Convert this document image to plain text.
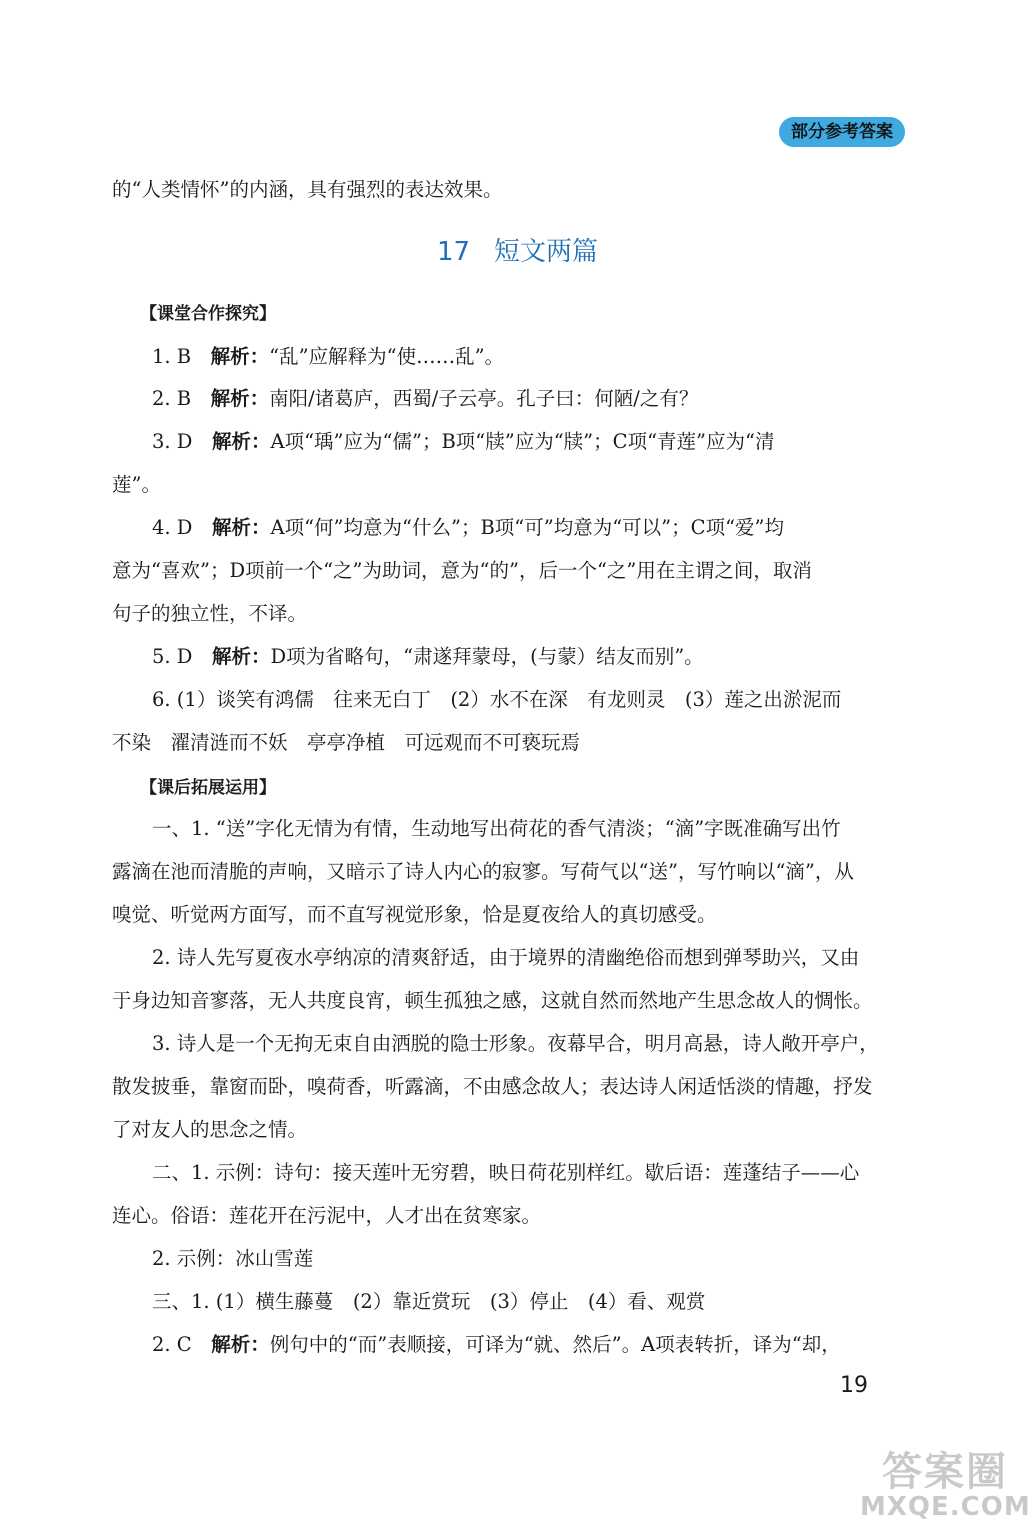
部分参考答案
的“人类情怀”的内涵，具有强烈的表达效果。
17 短文两篇
【课堂合作探究】
1. B　 解析：“乱”应解释为“使……乱”。
2. B　 解析：南阳/诸葛庐，西蜀/子云亭。孔子曰：何陋/之有？
3. D　 解析：A项“瑀”应为“儒”；B项“牍”应为“牍”；C项“青莲”应为“清
莲”。
4. D　 解析：A项“何”均意为“什么”；B项“可”均意为“可以”；C项“爱”均
意为“喜欢”；D项前一个“之”为助词，意为“的”，后一个“之”用在主谓之间，取消
句子的独立性，不译。
5. D　 解析：D项为省略句，“肃遂拜蒙母，(与蒙）结友而别”。
6. (1）谈笑有鸿儒　往来无白丁　(2）水不在深　有龙则灵　(3）莲之出淤泥而
不染　濯清涟而不妖　亭亭净植　可远观而不可亵玩焉
【课后拓展运用】
一、1. “送”字化无情为有情，生动地写出荷花的香气清淡；“滴”字既准确写出竹
露滴在池而清脆的声响，又暗示了诗人内心的寂寥。写荷气以“送”，写竹响以“滴”，从
嗅觉、听觉两方面写，而不直写视觉形象，恰是夏夜给人的真切感受。
2. 诗人先写夏夜水亭纳凉的清爽舒适，由于境界的清幽绝俗而想到弹琴助兴，又由
于身边知音寥落，无人共度良宵，顿生孤独之感，这就自然而然地产生思念故人的惆怅。
3. 诗人是一个无拘无束自由洒脱的隐士形象。夜幕早合，明月高悬，诗人敞开亭户，
散发披垂，靠窗而卧，嗅荷香，听露滴，不由感念故人；表达诗人闲适恬淡的情趣，抒发
了对友人的思念之情。
二、1. 示例：诗句：接天莲叶无穷碧，映日荷花别样红。歇后语：莲蓬结子——心
连心。俗语：莲花开在污泥中，人才出在贫寒家。
2. 示例：冰山雪莲
三、1. (1）横生藤蔓　(2）靠近赏玩　(3）停止　(4）看、观赏
2. C　 解析：例句中的“而”表顺接，可译为“就、然后”。A项表转折，译为“却，
19
答案圈
MXQE.COM
